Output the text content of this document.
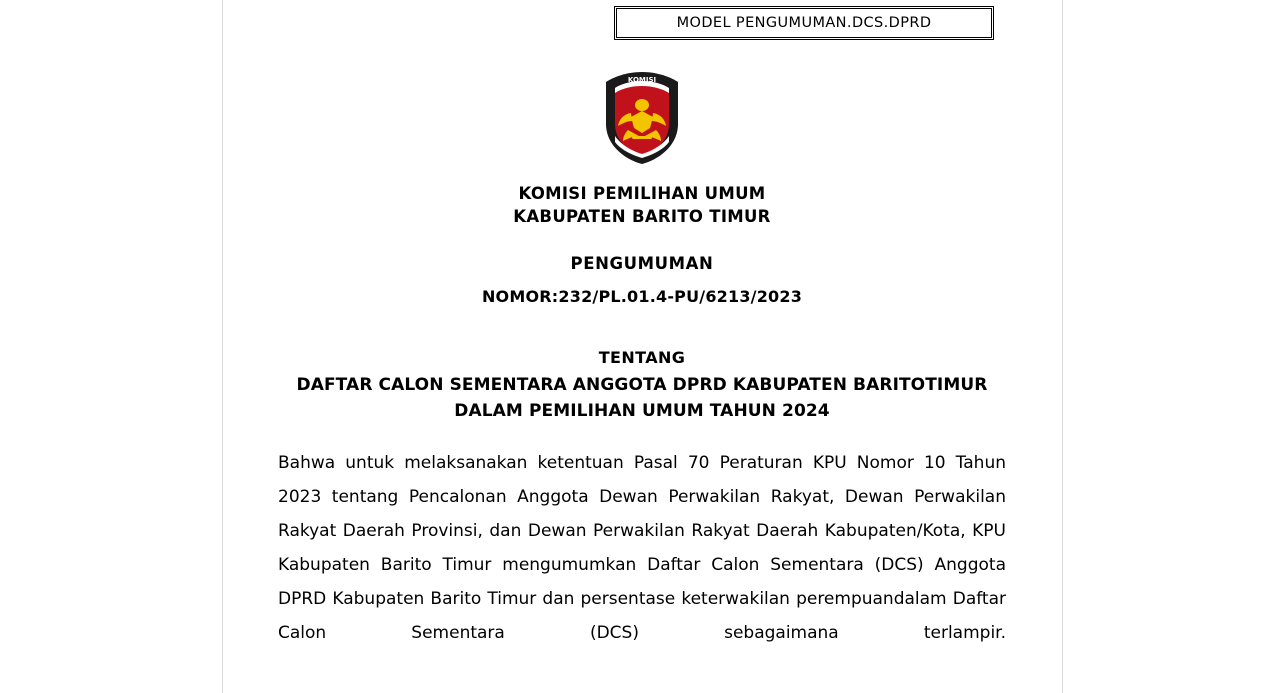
MODEL PENGUMUMAN.DCS.DPRD
KOMISI
KOMISI PEMILIHAN UMUM
KABUPATEN BARITO TIMUR
PENGUMUMAN
NOMOR:232/PL.01.4-PU/6213/2023
TENTANG
DAFTAR CALON SEMENTARA ANGGOTA DPRD KABUPATEN BARITOTIMUR
DALAM PEMILIHAN UMUM TAHUN 2024
Bahwa untuk melaksanakan ketentuan Pasal 70 Peraturan KPU Nomor 10 Tahun 2023 tentang Pencalonan Anggota Dewan Perwakilan Rakyat, Dewan Perwakilan Rakyat Daerah Provinsi, dan Dewan Perwakilan Rakyat Daerah Kabupaten/Kota, KPU Kabupaten Barito Timur mengumumkan Daftar Calon Sementara (DCS) Anggota DPRD Kabupaten Barito Timur dan persentase keterwakilan perempuandalam Daftar Calon Sementara (DCS) sebagaimana terlampir.
